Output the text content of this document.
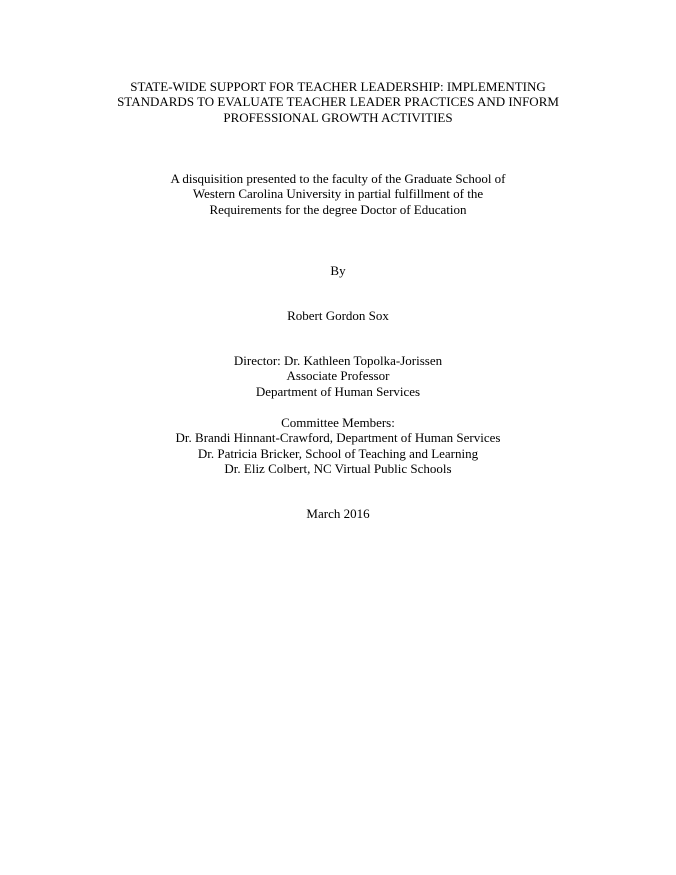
STATE-WIDE SUPPORT FOR TEACHER LEADERSHIP: IMPLEMENTING
STANDARDS TO EVALUATE TEACHER LEADER PRACTICES AND INFORM
PROFESSIONAL GROWTH ACTIVITIES
A disquisition presented to the faculty of the Graduate School of
Western Carolina University in partial fulfillment of the
Requirements for the degree Doctor of Education
By
Robert Gordon Sox
Director: Dr. Kathleen Topolka-Jorissen
Associate Professor
Department of Human Services
Committee Members:
Dr. Brandi Hinnant-Crawford, Department of Human Services
Dr. Patricia Bricker, School of Teaching and Learning
Dr. Eliz Colbert, NC Virtual Public Schools
March 2016
